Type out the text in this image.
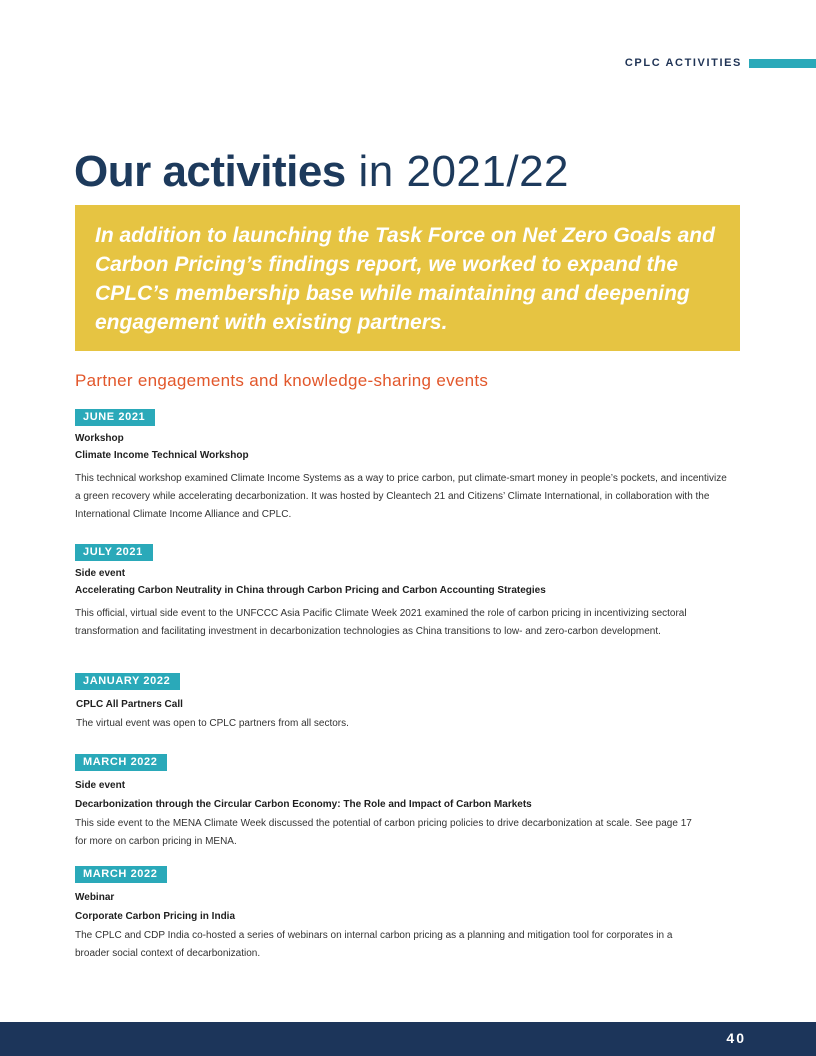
CPLC ACTIVITIES
Our activities in 2021/22

In addition to launching the Task Force on Net Zero Goals and Carbon Pricing’s findings report, we worked to expand the CPLC’s membership base while maintaining and deepening engagement with existing partners.

Partner engagements and knowledge-sharing events
JUNE 2021
Workshop
Climate Income Technical Workshop
This technical workshop examined Climate Income Systems as a way to price carbon, put climate-smart money in people’s pockets, and incentivize a green recovery while accelerating decarbonization. It was hosted by Cleantech 21 and Citizens’ Climate International, in collaboration with the International Climate Income Alliance and CPLC.
JULY 2021
Side event
Accelerating Carbon Neutrality in China through Carbon Pricing and Carbon Accounting Strategies
This official, virtual side event to the UNFCCC Asia Pacific Climate Week 2021 examined the role of carbon pricing in incentivizing sectoral transformation and facilitating investment in decarbonization technologies as China transitions to low- and zero-carbon development.
JANUARY 2022
CPLC All Partners Call
The virtual event was open to CPLC partners from all sectors.
MARCH 2022
Side event
Decarbonization through the Circular Carbon Economy: The Role and Impact of Carbon Markets
This side event to the MENA Climate Week discussed the potential of carbon pricing policies to drive decarbonization at scale. See page 17 for more on carbon pricing in MENA.
MARCH 2022
Webinar
Corporate Carbon Pricing in India
The CPLC and CDP India co-hosted a series of webinars on internal carbon pricing as a planning and mitigation tool for corporates in a broader social context of decarbonization.
40
